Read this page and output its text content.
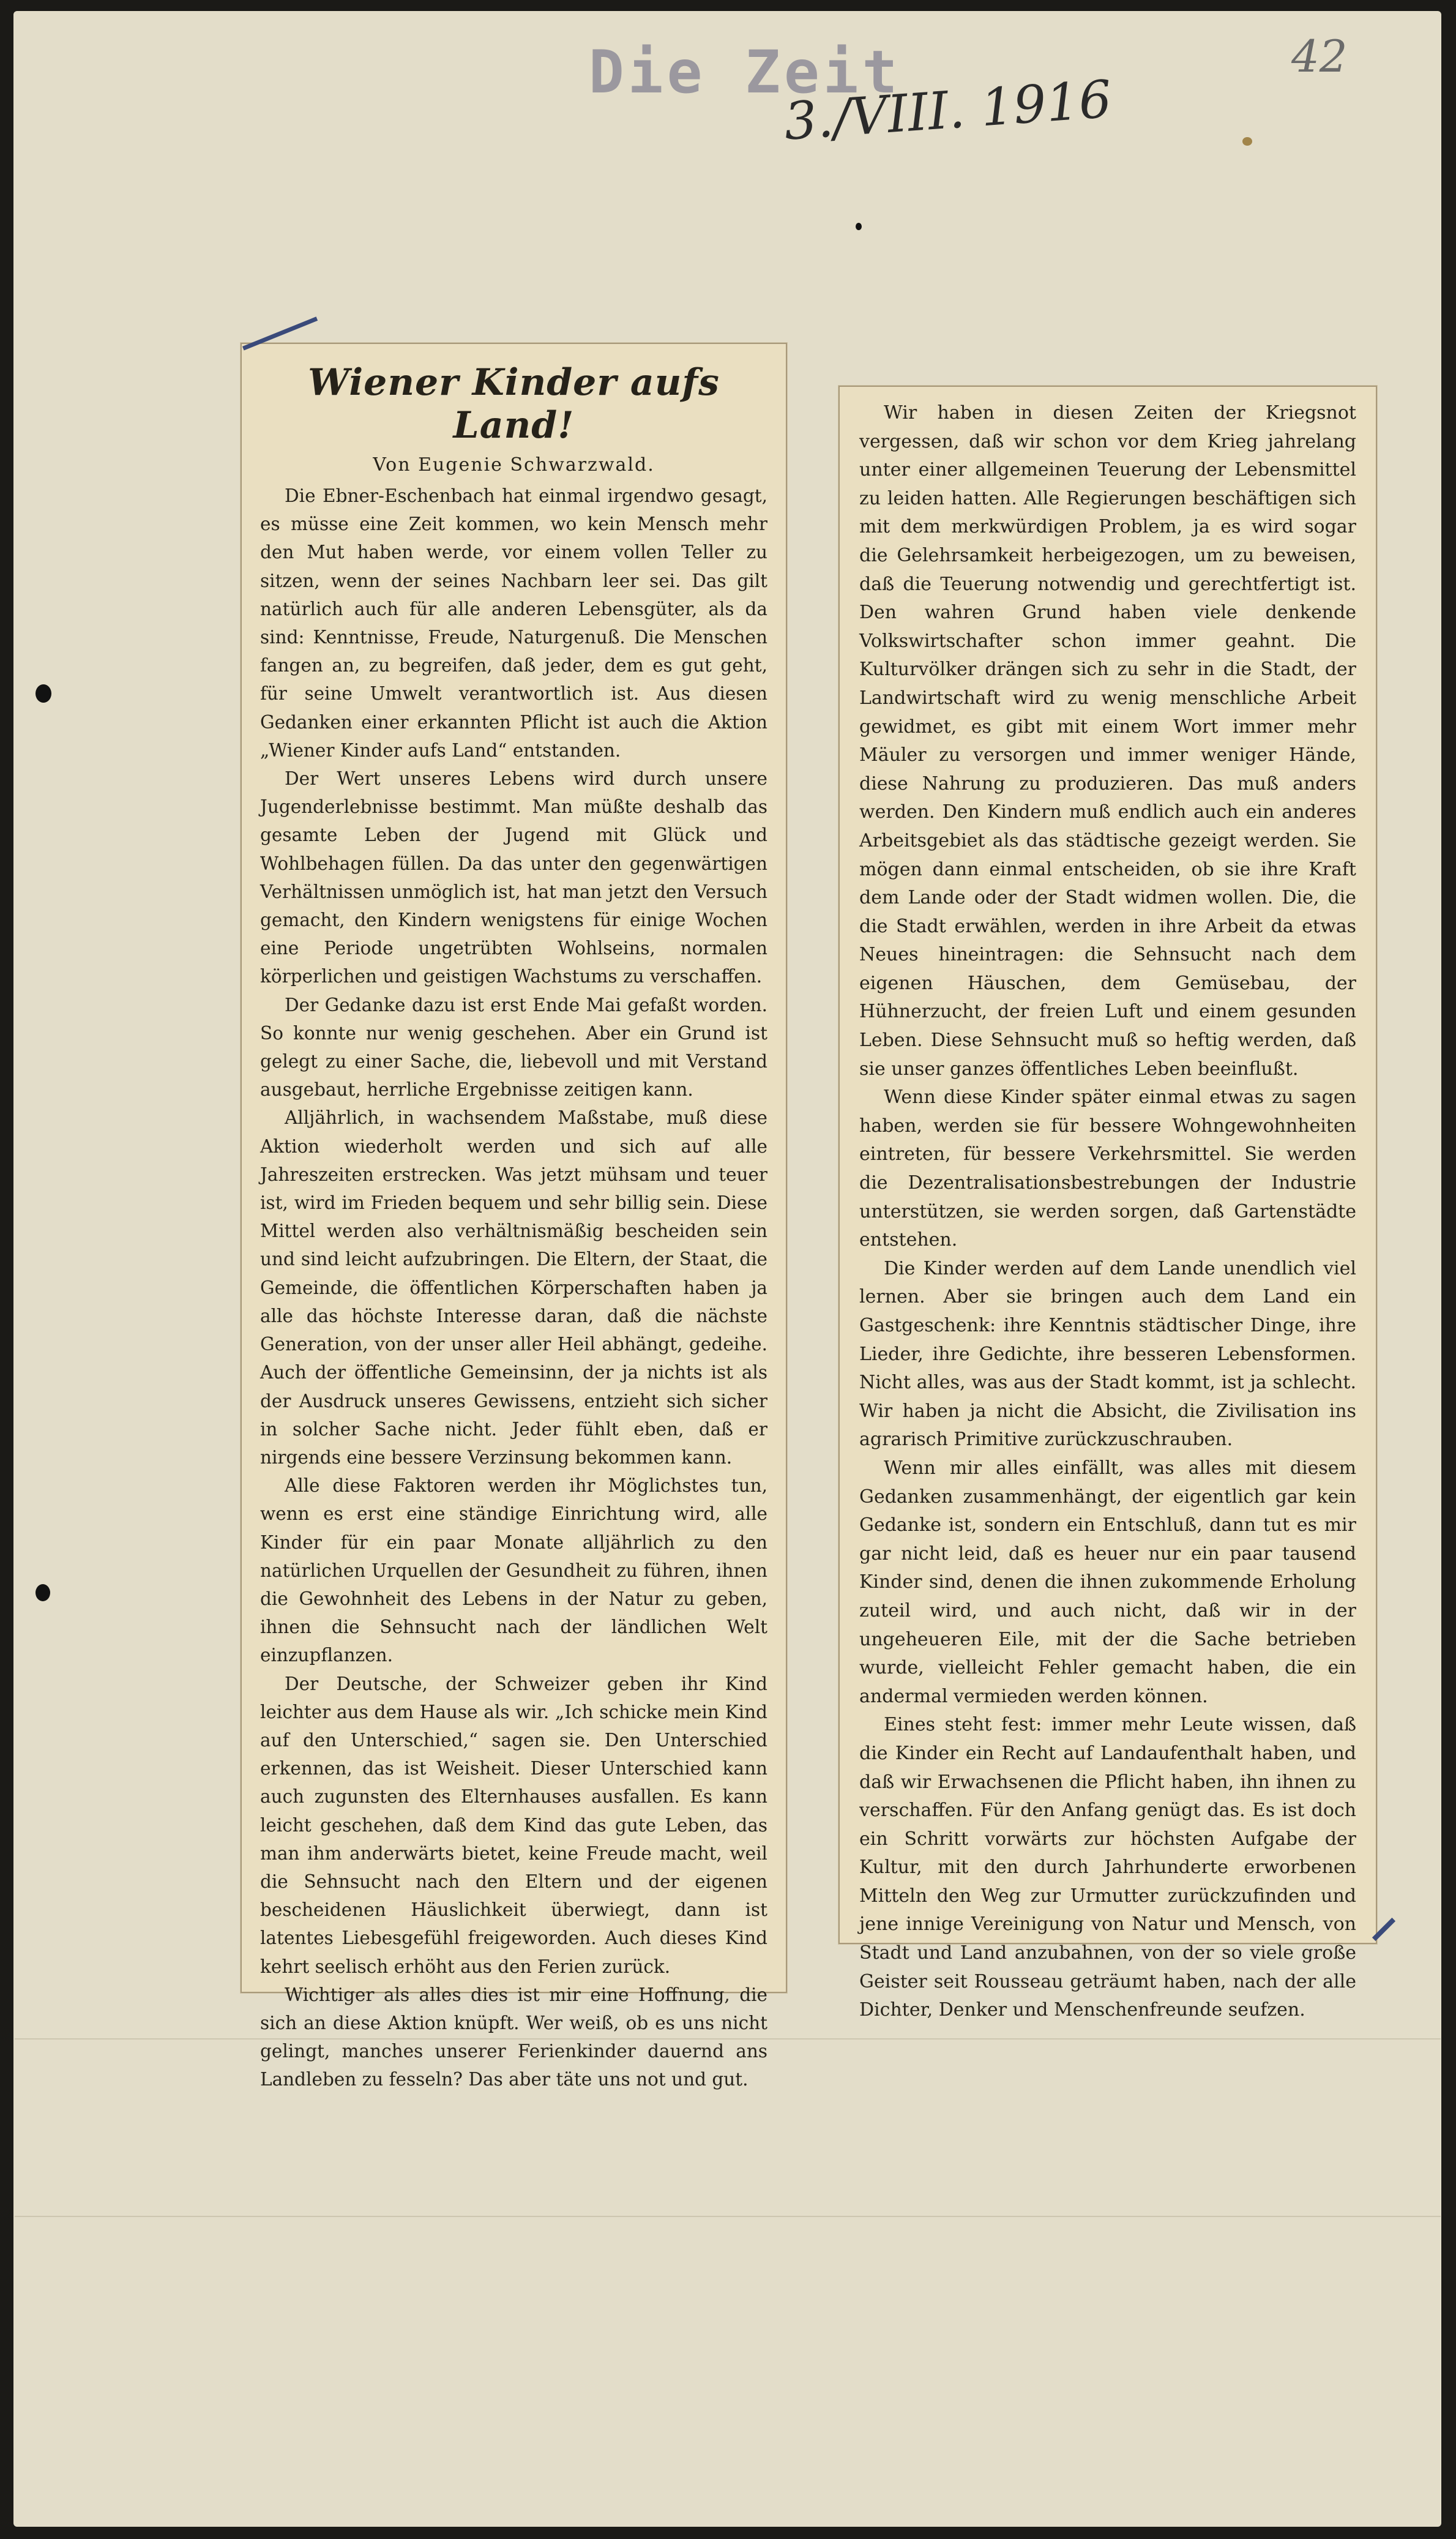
Die Zeit
3./VIII. 1916
42
Wiener Kinder aufs Land!
Von Eugenie Schwarzwald.

Die Ebner-Eschenbach hat einmal irgendwo gesagt, es müsse eine Zeit kommen, wo kein Mensch mehr den Mut haben werde, vor einem vollen Teller zu sitzen, wenn der seines Nachbarn leer sei. Das gilt natürlich auch für alle anderen Lebensgüter, als da sind: Kenntnisse, Freude, Naturgenuß. Die Menschen fangen an, zu begreifen, daß jeder, dem es gut geht, für seine Umwelt verantwortlich ist. Aus diesen Gedanken einer erkannten Pflicht ist auch die Aktion „Wiener Kinder aufs Land“ entstanden.

Der Wert unseres Lebens wird durch unsere Jugenderlebnisse bestimmt. Man müßte deshalb das gesamte Leben der Jugend mit Glück und Wohlbehagen füllen. Da das unter den gegenwärtigen Verhältnissen unmöglich ist, hat man jetzt den Versuch gemacht, den Kindern wenigstens für einige Wochen eine Periode ungetrübten Wohlseins, normalen körperlichen und geistigen Wachstums zu verschaffen.

Der Gedanke dazu ist erst Ende Mai gefaßt worden. So konnte nur wenig geschehen. Aber ein Grund ist gelegt zu einer Sache, die, liebevoll und mit Verstand ausgebaut, herrliche Ergebnisse zeitigen kann.

Alljährlich, in wachsendem Maßstabe, muß diese Aktion wiederholt werden und sich auf alle Jahreszeiten erstrecken. Was jetzt mühsam und teuer ist, wird im Frieden bequem und sehr billig sein. Diese Mittel werden also verhältnismäßig bescheiden sein und sind leicht aufzubringen. Die Eltern, der Staat, die Gemeinde, die öffentlichen Körperschaften haben ja alle das höchste Interesse daran, daß die nächste Generation, von der unser aller Heil abhängt, gedeihe. Auch der öffentliche Gemeinsinn, der ja nichts ist als der Ausdruck unseres Gewissens, entzieht sich sicher in solcher Sache nicht. Jeder fühlt eben, daß er nirgends eine bessere Verzinsung bekommen kann.

Alle diese Faktoren werden ihr Möglichstes tun, wenn es erst eine ständige Einrichtung wird, alle Kinder für ein paar Monate alljährlich zu den natürlichen Urquellen der Gesundheit zu führen, ihnen die Gewohnheit des Lebens in der Natur zu geben, ihnen die Sehnsucht nach der ländlichen Welt einzupflanzen.

Der Deutsche, der Schweizer geben ihr Kind leichter aus dem Hause als wir. „Ich schicke mein Kind auf den Unterschied,“ sagen sie. Den Unterschied erkennen, das ist Weisheit. Dieser Unterschied kann auch zugunsten des Elternhauses ausfallen. Es kann leicht geschehen, daß dem Kind das gute Leben, das man ihm anderwärts bietet, keine Freude macht, weil die Sehnsucht nach den Eltern und der eigenen bescheidenen Häuslichkeit überwiegt, dann ist latentes Liebesgefühl freigeworden. Auch dieses Kind kehrt seelisch erhöht aus den Ferien zurück.

Wichtiger als alles dies ist mir eine Hoffnung, die sich an diese Aktion knüpft. Wer weiß, ob es uns nicht gelingt, manches unserer Ferienkinder dauernd ans Landleben zu fesseln? Das aber täte uns not und gut.

Wir haben in diesen Zeiten der Kriegsnot vergessen, daß wir schon vor dem Krieg jahrelang unter einer allgemeinen Teuerung der Lebensmittel zu leiden hatten. Alle Regierungen beschäftigen sich mit dem merkwürdigen Problem, ja es wird sogar die Gelehrsamkeit herbeigezogen, um zu beweisen, daß die Teuerung notwendig und gerechtfertigt ist. Den wahren Grund haben viele denkende Volkswirtschafter schon immer geahnt. Die Kulturvölker drängen sich zu sehr in die Stadt, der Landwirtschaft wird zu wenig menschliche Arbeit gewidmet, es gibt mit einem Wort immer mehr Mäuler zu versorgen und immer weniger Hände, diese Nahrung zu produzieren. Das muß anders werden. Den Kindern muß endlich auch ein anderes Arbeitsgebiet als das städtische gezeigt werden. Sie mögen dann einmal entscheiden, ob sie ihre Kraft dem Lande oder der Stadt widmen wollen. Die, die die Stadt erwählen, werden in ihre Arbeit da etwas Neues hineintragen: die Sehnsucht nach dem eigenen Häuschen, dem Gemüsebau, der Hühnerzucht, der freien Luft und einem gesunden Leben. Diese Sehnsucht muß so heftig werden, daß sie unser ganzes öffentliches Leben beeinflußt.

Wenn diese Kinder später einmal etwas zu sagen haben, werden sie für bessere Wohngewohnheiten eintreten, für bessere Verkehrsmittel. Sie werden die Dezentralisationsbestrebungen der Industrie unterstützen, sie werden sorgen, daß Gartenstädte entstehen.

Die Kinder werden auf dem Lande unendlich viel lernen. Aber sie bringen auch dem Land ein Gastgeschenk: ihre Kenntnis städtischer Dinge, ihre Lieder, ihre Gedichte, ihre besseren Lebensformen. Nicht alles, was aus der Stadt kommt, ist ja schlecht. Wir haben ja nicht die Absicht, die Zivilisation ins agrarisch Primitive zurückzuschrauben.

Wenn mir alles einfällt, was alles mit diesem Gedanken zusammenhängt, der eigentlich gar kein Gedanke ist, sondern ein Entschluß, dann tut es mir gar nicht leid, daß es heuer nur ein paar tausend Kinder sind, denen die ihnen zukommende Erholung zuteil wird, und auch nicht, daß wir in der ungeheueren Eile, mit der die Sache betrieben wurde, vielleicht Fehler gemacht haben, die ein andermal vermieden werden können.

Eines steht fest: immer mehr Leute wissen, daß die Kinder ein Recht auf Landaufenthalt haben, und daß wir Erwachsenen die Pflicht haben, ihn ihnen zu verschaffen. Für den Anfang genügt das. Es ist doch ein Schritt vorwärts zur höchsten Aufgabe der Kultur, mit den durch Jahrhunderte erworbenen Mitteln den Weg zur Urmutter zurückzufinden und jene innige Vereinigung von Natur und Mensch, von Stadt und Land anzubahnen, von der so viele große Geister seit Rousseau geträumt haben, nach der alle Dichter, Denker und Menschenfreunde seufzen.
